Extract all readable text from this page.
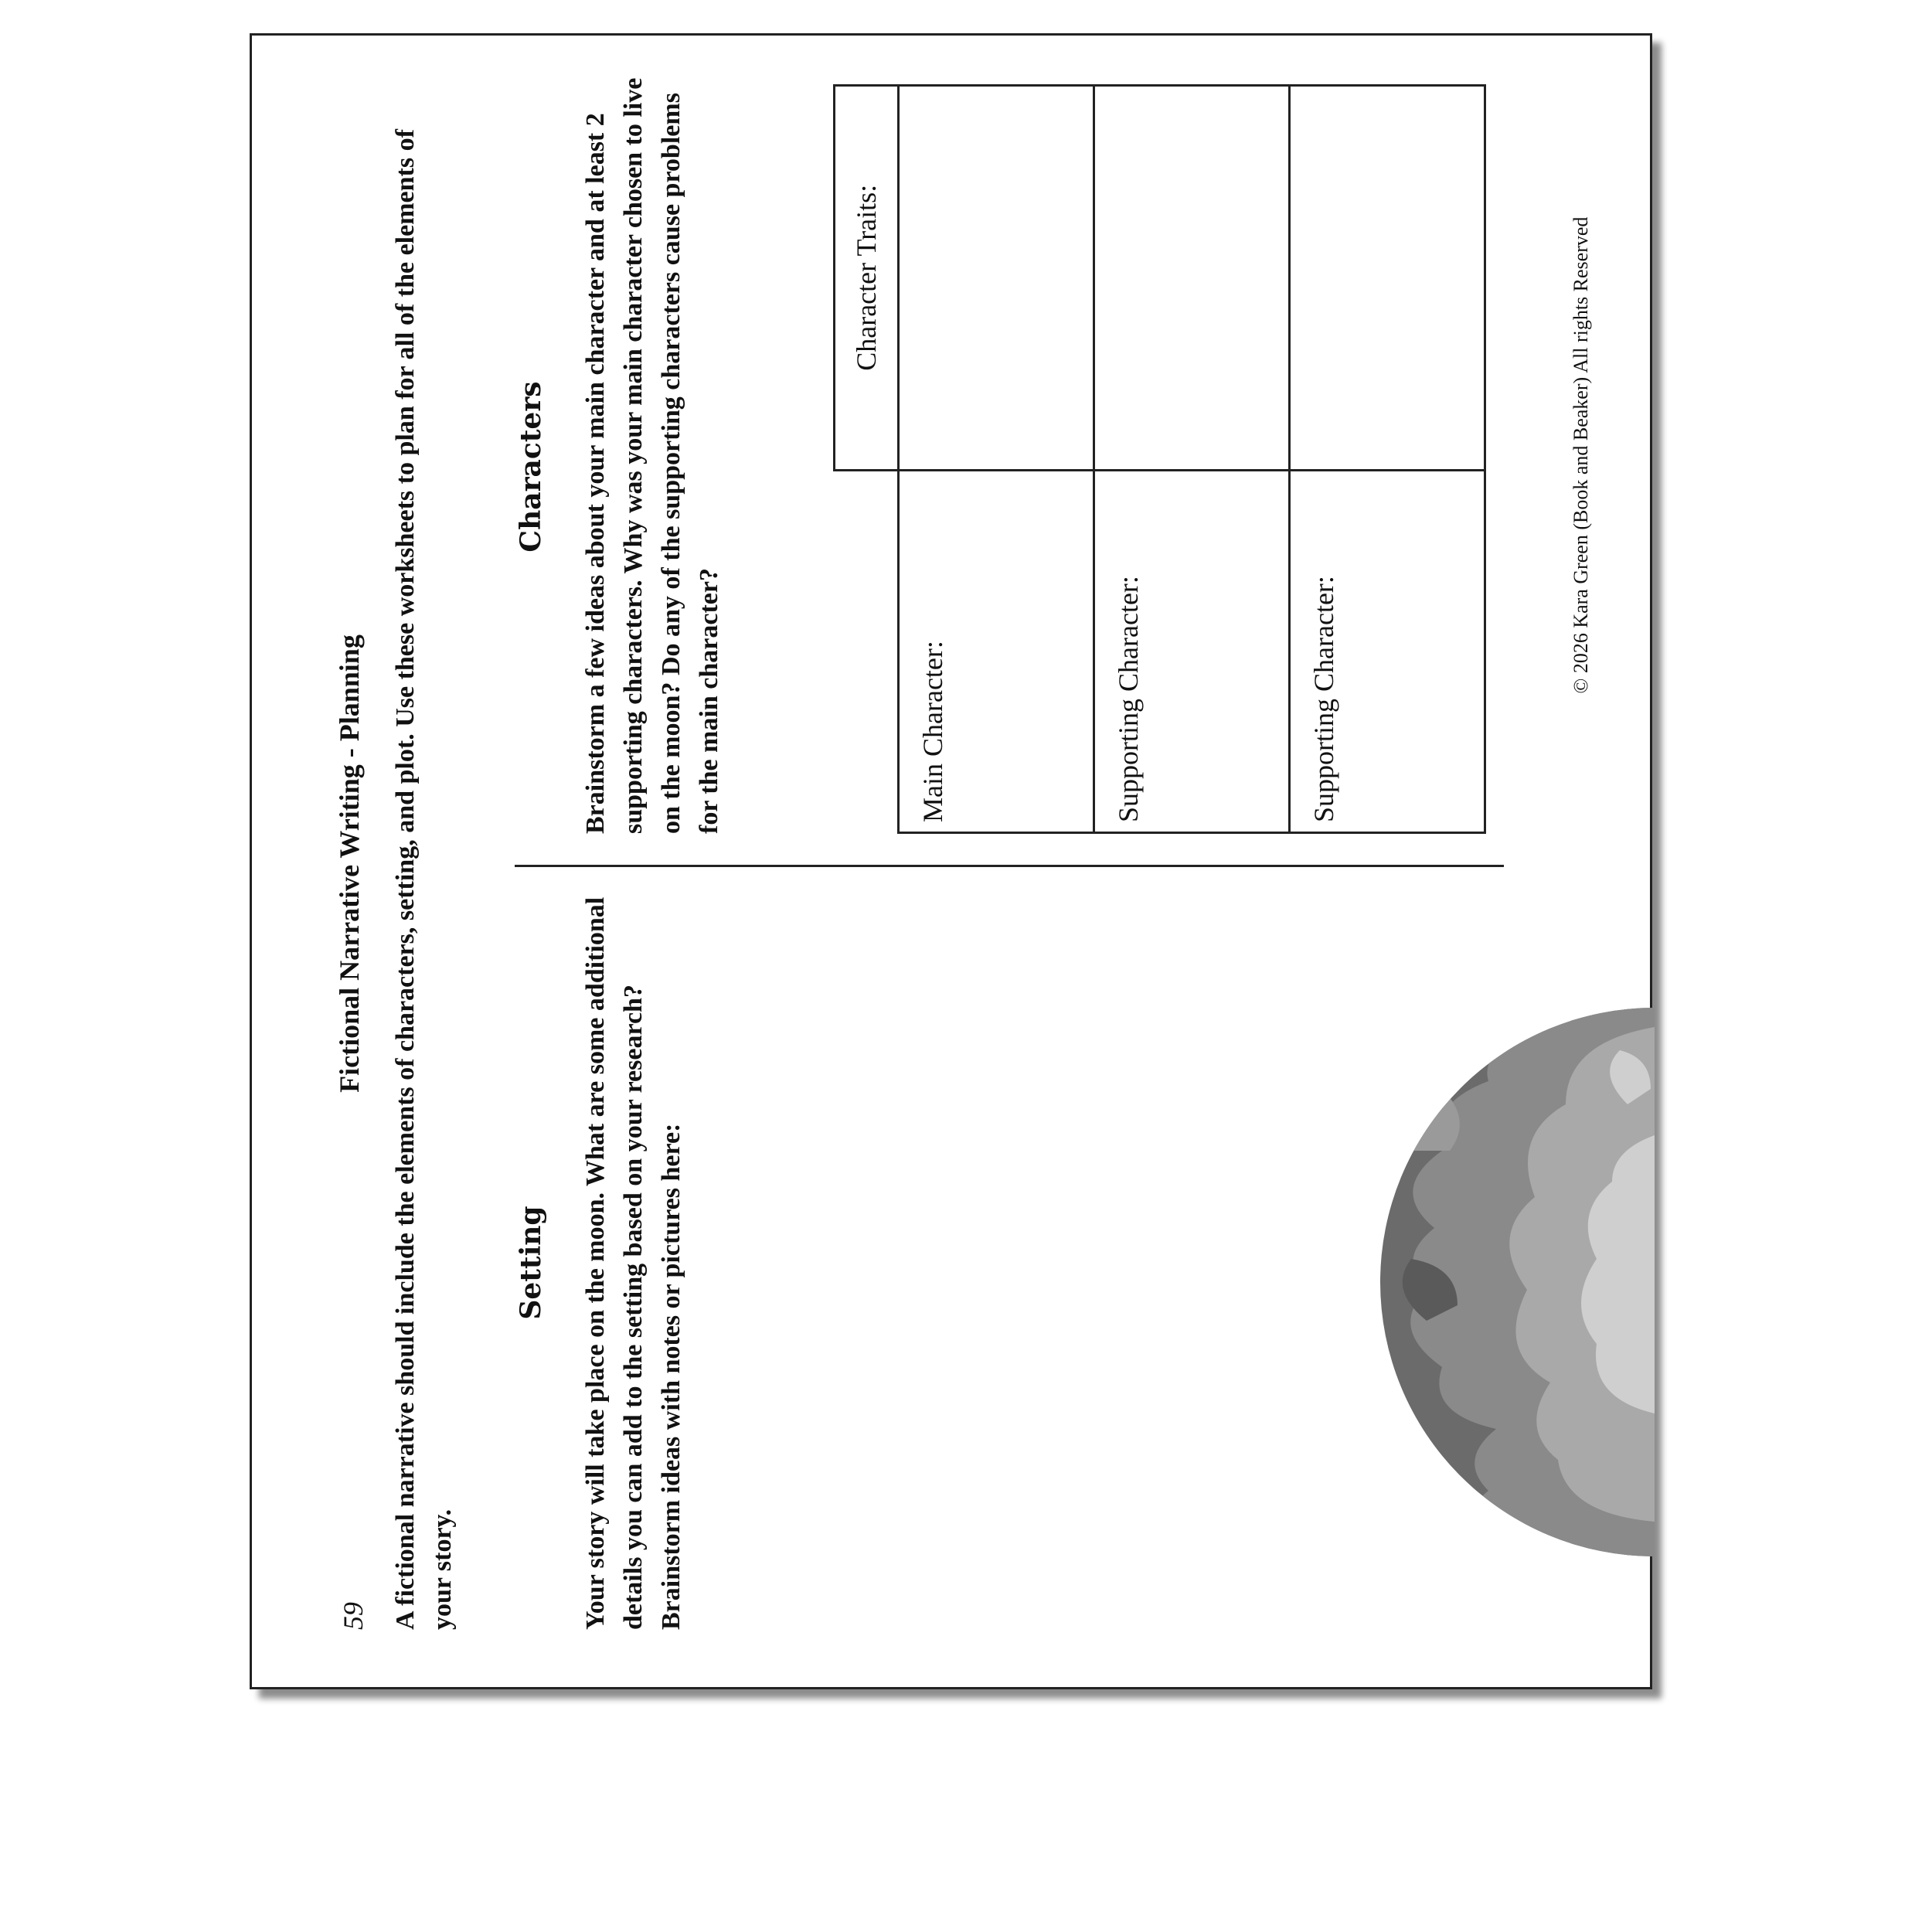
59
Fictional Narrative Writing - Planning A fictional narrative should include the elements of characters, setting, and plot. Use these worksheets to plan for all of the elements of your story.
Setting Your story will take place on the moon. What are some additional details you can add to the setting based on your research? Brainstorm ideas with notes or pictures here:
Characters Brainstorm a few ideas about your main character and at least 2 supporting characters. Why was your main character chosen to live on the moon? Do any of the supporting characters cause problems for the main character?
	Character Traits:

Main Character:	

Supporting Character:	

Supporting Character:	

© 2026 Kara Green (Book and Beaker) All rights Reserved
